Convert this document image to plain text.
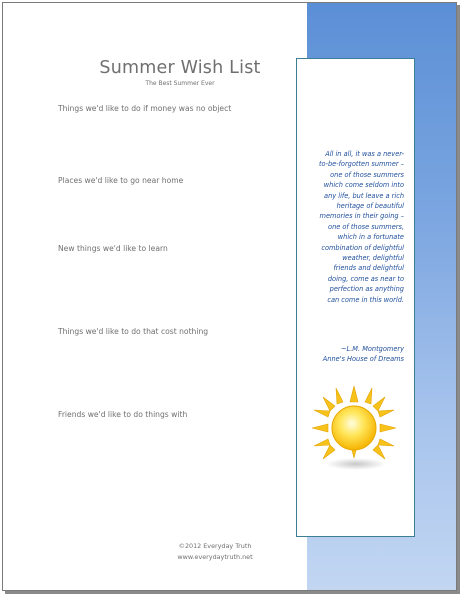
All in all, it was a never-
to-be-forgotten summer –
one of those summers
which come seldom into
any life, but leave a rich
heritage of beautiful
memories in their going –
one of those summers,
which in a fortunate
combination of delightful
weather, delightful
friends and delightful
doing, come as near to
perfection as anything
can come in this world.

~L.M. Montgomery
Anne's House of Dreams
Summer Wish List
The Best Summer Ever
Things we'd like to do if money was no object
Places we'd like to go near home
New things we'd like to learn
Things we'd like to do that cost nothing
Friends we'd like to do things with
©2012 Everyday Truth
www.everydaytruth.net
